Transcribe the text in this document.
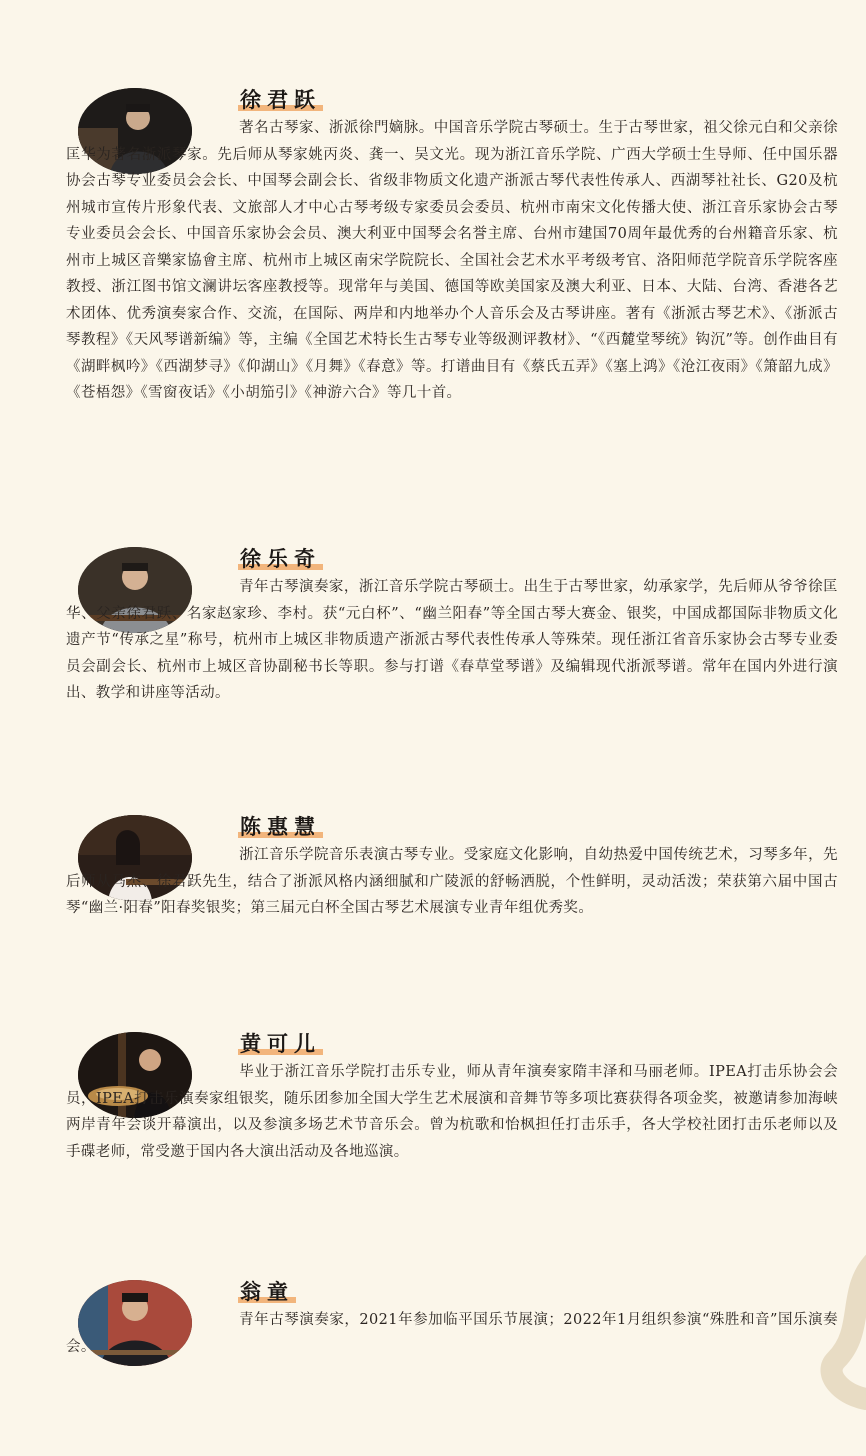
徐君跃
著名古琴家、浙派徐門嫡脉。中国音乐学院古琴硕士。生于古琴世家，祖父徐元白和父亲徐匡华为著名浙派琴家。先后师从琴家姚丙炎、龚一、吴文光。现为浙江音乐学院、广西大学硕士生导师、任中国乐器协会古琴专业委员会会长、中国琴会副会长、省级非物质文化遗产浙派古琴代表性传承人、西湖琴社社长、G20及杭州城市宣传片形象代表、文旅部人才中心古琴考级专家委员会委员、杭州市南宋文化传播大使、浙江音乐家协会古琴专业委员会会长、中国音乐家协会会员、澳大利亚中国琴会名誉主席、台州市建国70周年最优秀的台州籍音乐家、杭州市上城区音樂家協會主席、杭州市上城区南宋学院院长、全国社会艺术水平考级考官、洛阳师范学院音乐学院客座教授、浙江图书馆文澜讲坛客座教授等。现常年与美国、德国等欧美国家及澳大利亚、日本、大陆、台湾、香港各艺术团体、优秀演奏家合作、交流，在国际、两岸和内地举办个人音乐会及古琴讲座。著有《浙派古琴艺术》、《浙派古琴教程》《天风琴谱新编》等，主编《全国艺术特长生古琴专业等级测评教材》、“《西麓堂琴统》钩沉”等。创作曲目有《湖畔枫吟》《西湖梦寻》《仰湖山》《月舞》《春意》等。打谱曲目有《蔡氏五弄》《塞上鸿》《沧江夜雨》《箫韶九成》《苍梧怨》《雪窗夜话》《小胡笳引》《神游六合》等几十首。
徐乐奇
青年古琴演奏家，浙江音乐学院古琴硕士。出生于古琴世家，幼承家学，先后师从爷爷徐匡华、父亲徐君跃、名家赵家珍、李村。获“元白杯”、“幽兰阳春”等全国古琴大赛金、银奖，中国成都国际非物质文化遗产节“传承之星”称号，杭州市上城区非物质遗产浙派古琴代表性传承人等殊荣。现任浙江省音乐家协会古琴专业委员会副会长、杭州市上城区音协副秘书长等职。参与打谱《春草堂琴谱》及编辑现代浙派琴谱。常年在国内外进行演出、教学和讲座等活动。
陈惠慧
浙江音乐学院音乐表演古琴专业。受家庭文化影响，自幼热爱中国传统艺术，习琴多年，先后师从马杰、徐君跃先生，结合了浙派风格内涵细腻和广陵派的舒畅洒脱，个性鲜明，灵动活泼；荣获第六届中国古琴“幽兰·阳春”阳春奖银奖；第三届元白杯全国古琴艺术展演专业青年组优秀奖。
黄可儿
毕业于浙江音乐学院打击乐专业，师从青年演奏家隋丰泽和马丽老师。IPEA打击乐协会会员，IPEA打击乐演奏家组银奖，随乐团参加全国大学生艺术展演和音舞节等多项比赛获得各项金奖，被邀请参加海峡两岸青年会谈开幕演出，以及参演多场艺术节音乐会。曾为杭歌和怡枫担任打击乐手，各大学校社团打击乐老师以及手碟老师，常受邀于国内各大演出活动及各地巡演。
翁童
青年古琴演奏家，2021年参加临平国乐节展演；2022年1月组织参演“殊胜和音”国乐演奏会。
